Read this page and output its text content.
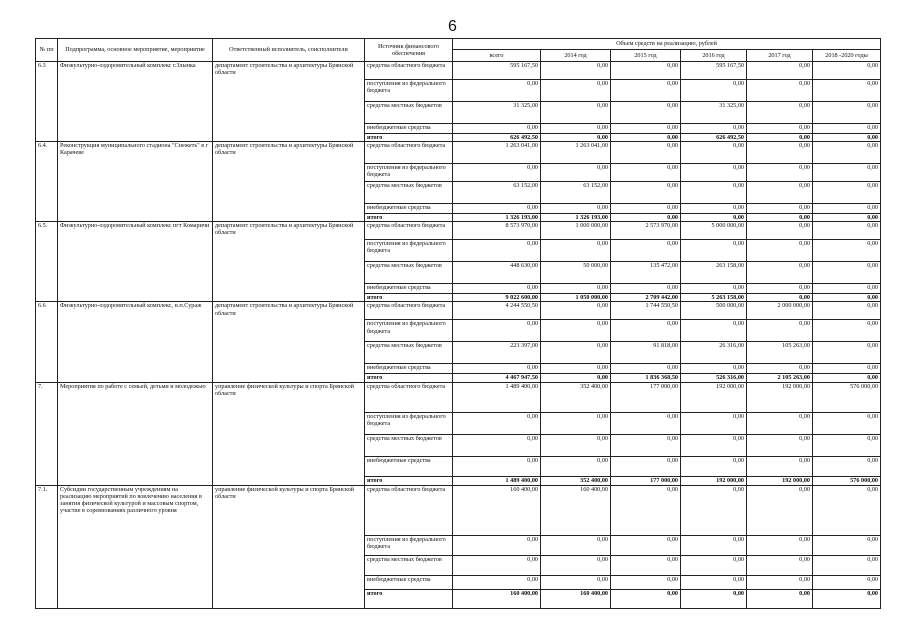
6
№ пп	Подпрограмма, основное мероприятие, мероприятие	Ответственный исполнитель, соисполнители	Источник финансового обеспечения	Объем средств на реализацию, рублей					
				всего	2014 год	2015 год	2016 год	2017 год	2018 -2020 годы
6.3	Физкультурно-оздоровительный комплекс г.Злынка	департамент строительства и архитектуры Брянской области	средства областного бюджета	595 167,50	0,00	0,00	595 167,50	0,00	0,00
			поступления из федерального бюджета	0,00	0,00	0,00	0,00	0,00	0,00
			средства местных бюджетов	31 325,00	0,00	0,00	31 325,00	0,00	0,00
			внебюджетные средства	0,00	0,00	0,00	0,00	0,00	0,00
			итого	626 492,50	0,00	0,00	626 492,50	0,00	0,00
6.4.	Реконструкция муниципального стадиона "Снежеть" в г Карачеве	департамент строительства и архитектуры Брянской области	средства областного бюджета	1 263 041,00	1 263 041,00	0,00	0,00	0,00	0,00
			поступления из федерального бюджета	0,00	0,00	0,00	0,00	0,00	0,00
			средства местных бюджетов	63 152,00	63 152,00	0,00	0,00	0,00	0,00
			внебюджетные средства	0,00	0,00	0,00	0,00	0,00	0,00
			итого	1 326 193,00	1 326 193,00	0,00	0,00	0,00	0,00
6.5.	Физкультурно-оздоровительный комплекс пгт Комаричи	департамент строительства и архитектуры Брянской области	средства областного бюджета	8 573 970,00	1 000 000,00	2 573 970,00	5 000 000,00	0,00	0,00
			поступления из федерального бюджета	0,00	0,00	0,00	0,00	0,00	0,00
			средства местных бюджетов	448 630,00	50 000,00	135 472,00	263 158,00	0,00	0,00
			внебюджетные средства	0,00	0,00	0,00	0,00	0,00	0,00
			итого	9 022 600,00	1 050 000,00	2 709 442,00	5 263 158,00	0,00	0,00
6.6	Физкультурно-оздоровительный комплекс, н.п.Сураж	департамент строительства и архитектуры Брянской области	средства областного бюджета	4 244 550,50	0,00	1 744 550,50	500 000,00	2 000 000,00	0,00
			поступления из федерального бюджета	0,00	0,00	0,00	0,00	0,00	0,00
			средства местных бюджетов	223 397,00	0,00	91 818,00	26 316,00	105 263,00	0,00
			внебюджетные средства	0,00	0,00	0,00	0,00	0,00	0,00
			итого	4 467 947,50	0,00	1 836 368,50	526 316,00	2 105 263,00	0,00
7.	Мероприятия по работе с семьей, детьми и молодежью	управление физической культуры и спорта Брянской области	средства областного бюджета	1 489 400,00	352 400,00	177 000,00	192 000,00	192 000,00	576 000,00
			поступления из федерального бюджета	0,00	0,00	0,00	0,00	0,00	0,00
			средства местных бюджетов	0,00	0,00	0,00	0,00	0,00	0,00
			внебюджетные средства	0,00	0,00	0,00	0,00	0,00	0,00
			итого	1 489 400,00	352 400,00	177 000,00	192 000,00	192 000,00	576 000,00
7.1.	Субсидии государственным учреждениям на реализацию мероприятий по вовлечению населения в занятия физической культурой и массовым спортом, участие в соревнованиях различного уровня	управление физической культуры и спорта Брянской области	средства областного бюджета	160 400,00	160 400,00	0,00	0,00	0,00	0,00
			поступления из федерального бюджета	0,00	0,00	0,00	0,00	0,00	0,00
			средства местных бюджетов	0,00	0,00	0,00	0,00	0,00	0,00
			внебюджетные средства	0,00	0,00	0,00	0,00	0,00	0,00
			итого	160 400,00	160 400,00	0,00	0,00	0,00	0,00
